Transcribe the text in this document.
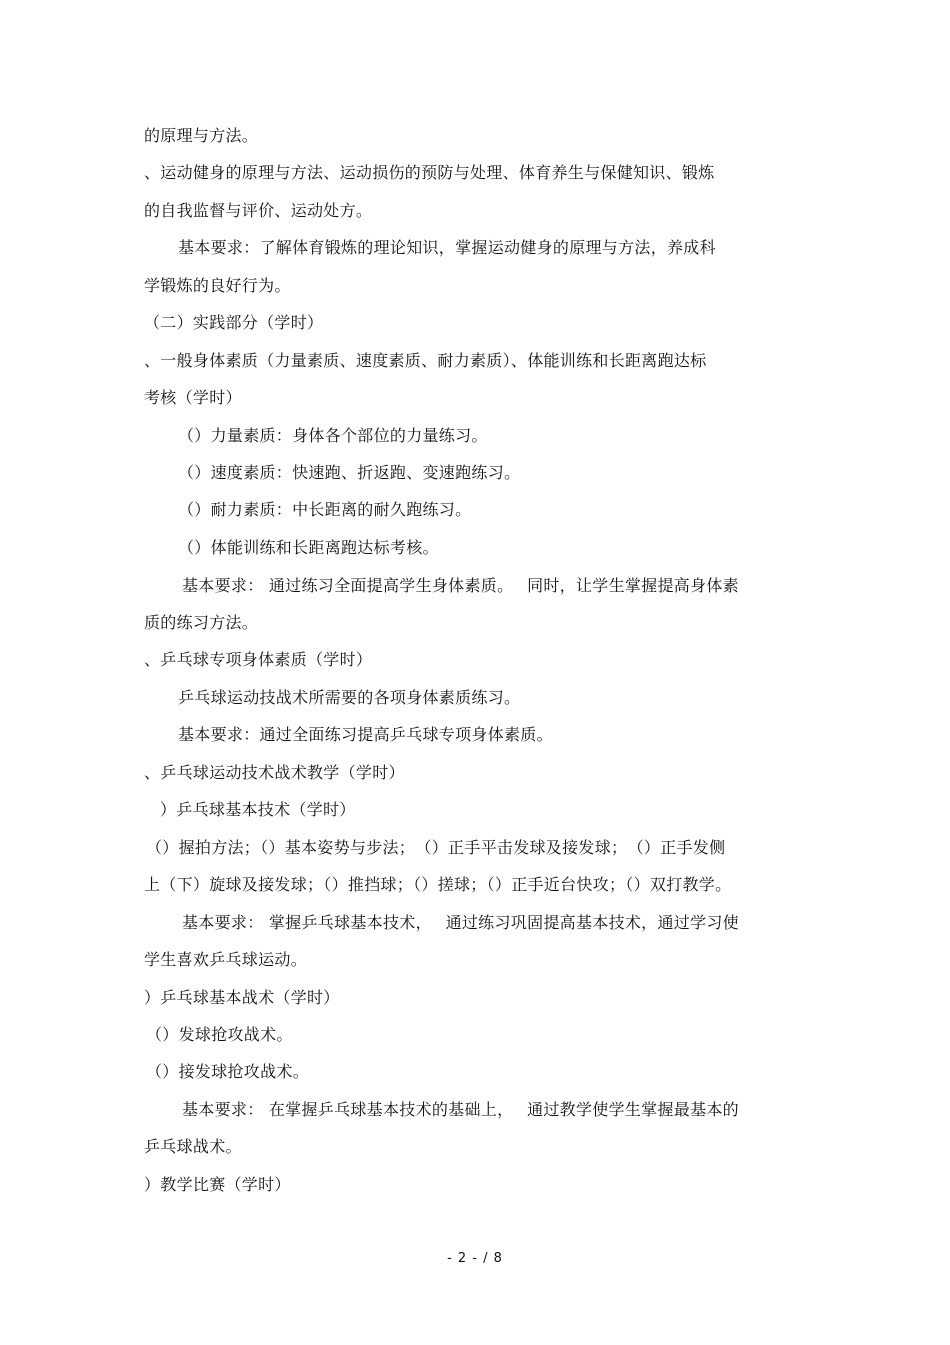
的原理与方法。
、运动健身的原理与方法、运动损伤的预防与处理、体育养生与保健知识、锻炼
的自我监督与评价、运动处方。
基本要求：了解体育锻炼的理论知识，掌握运动健身的原理与方法，养成科
学锻炼的良好行为。
（二）实践部分（学时）
、一般身体素质（力量素质、速度素质、耐力素质）、体能训练和长距离跑达标
考核（学时）
（）力量素质：身体各个部位的力量练习。
（）速度素质：快速跑、折返跑、变速跑练习。
（）耐力素质：中长距离的耐久跑练习。
（）体能训练和长距离跑达标考核。
基本要求： 通过练习全面提高学生身体素质。　 同时，让学生掌握提高身体素
质的练习方法。
、乒乓球专项身体素质（学时）
乒乓球运动技战术所需要的各项身体素质练习。
基本要求：通过全面练习提高乒乓球专项身体素质。
、乒乓球运动技术战术教学（学时）
）乒乓球基本技术（学时）
（）握拍方法；（）基本姿势与步法；　（）正手平击发球及接发球；　（）正手发侧
上（下）旋球及接发球；（）推挡球；（）搓球；（）正手近台快攻；（）双打教学。
基本要求： 掌握乒乓球基本技术，　 通过练习巩固提高基本技术，通过学习使
学生喜欢乒乓球运动。
）乒乓球基本战术（学时）
（）发球抢攻战术。
（）接发球抢攻战术。
基本要求： 在掌握乒乓球基本技术的基础上，　 通过教学使学生掌握最基本的
乒乓球战术。
）教学比赛（学时）
- 2 - / 8
